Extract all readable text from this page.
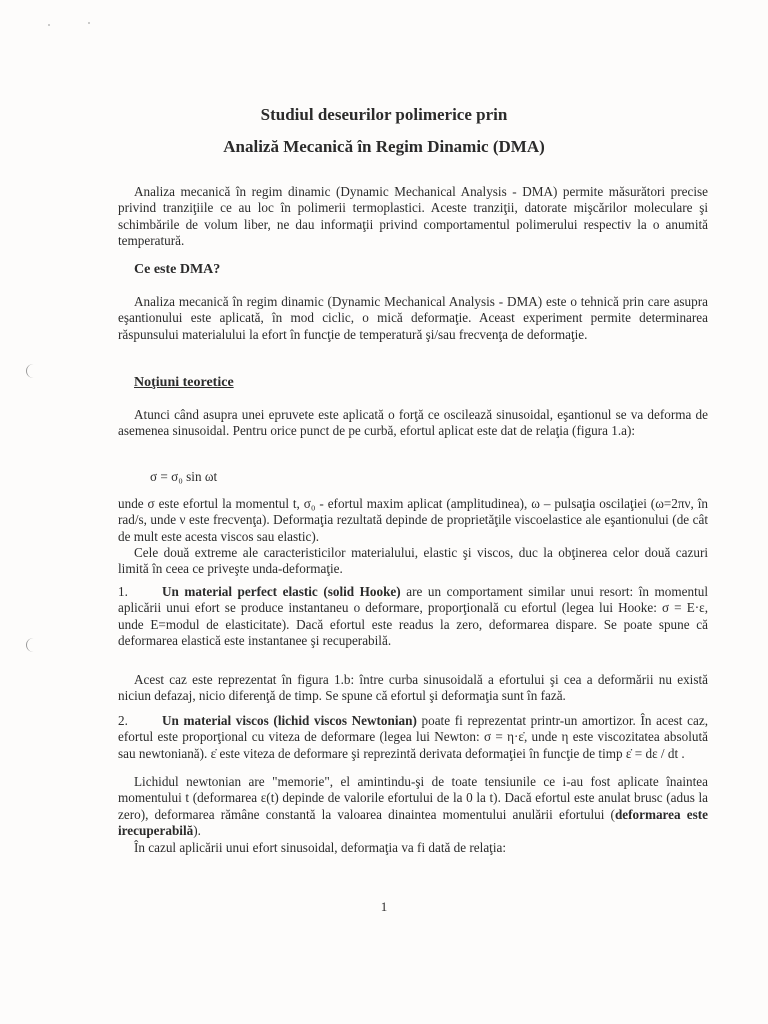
Studiul deseurilor polimerice prin
Analiză Mecanică în Regim Dinamic (DMA)
Analiza mecanică în regim dinamic (Dynamic Mechanical Analysis - DMA) permite măsurători precise privind tranziţiile ce au loc în polimerii termoplastici. Aceste tranziţii, datorate mişcărilor moleculare şi schimbările de volum liber, ne dau informaţii privind comportamentul polimerului respectiv la o anumită temperatură.
Ce este DMA?
Analiza mecanică în regim dinamic (Dynamic Mechanical Analysis - DMA) este o tehnică prin care asupra eşantionului este aplicată, în mod ciclic, o mică deformaţie. Aceast experiment permite determinarea răspunsului materialului la efort în funcţie de temperatură şi/sau frecvenţa de deformaţie.
Noţiuni teoretice
Atunci când asupra unei epruvete este aplicată o forţă ce oscilează sinusoidal, eşantionul se va deforma de asemenea sinusoidal. Pentru orice punct de pe curbă, efortul aplicat este dat de relaţia (figura 1.a):
σ = σ₀ sin ωt
unde σ este efortul la momentul t, σ₀ - efortul maxim aplicat (amplitudinea), ω – pulsaţia oscilaţiei (ω=2πν, în rad/s, unde ν este frecvenţa). Deformaţia rezultată depinde de proprietăţile viscoelastice ale eşantionului (de cât de mult este acesta viscos sau elastic).
Cele două extreme ale caracteristicilor materialului, elastic şi viscos, duc la obţinerea celor două cazuri limită în ceea ce priveşte unda-deformaţie.
1.	Un material perfect elastic (solid Hooke) are un comportament similar unui resort: în momentul aplicării unui efort se produce instantaneu o deformare, proporţională cu efortul (legea lui Hooke: σ = E·ε, unde E=modul de elasticitate). Dacă efortul este readus la zero, deformarea dispare. Se poate spune că deformarea elastică este instantanee şi recuperabilă.
Acest caz este reprezentat în figura 1.b: între curba sinusoidală a efortului şi cea a deformării nu există niciun defazaj, nicio diferenţă de timp. Se spune că efortul şi deformaţia sunt în fază.
2.	Un material viscos (lichid viscos Newtonian) poate fi reprezentat printr-un amortizor. În acest caz, efortul este proporţional cu viteza de deformare (legea lui Newton: σ = η·ε̇, unde η este viscozitatea absolută sau newtoniană). ε̇ este viteza de deformare şi reprezintă derivata deformaţiei în funcţie de timp ε̇ = dε / dt .
Lichidul newtonian are "memorie", el amintindu-şi de toate tensiunile ce i-au fost aplicate înaintea momentului t (deformarea ε(t) depinde de valorile efortului de la 0 la t). Dacă efortul este anulat brusc (adus la zero), deformarea rămâne constantă la valoarea dinaintea momentului anulării efortului (deformarea este irecuperabilă).
În cazul aplicării unui efort sinusoidal, deformaţia va fi dată de relaţia:
1
